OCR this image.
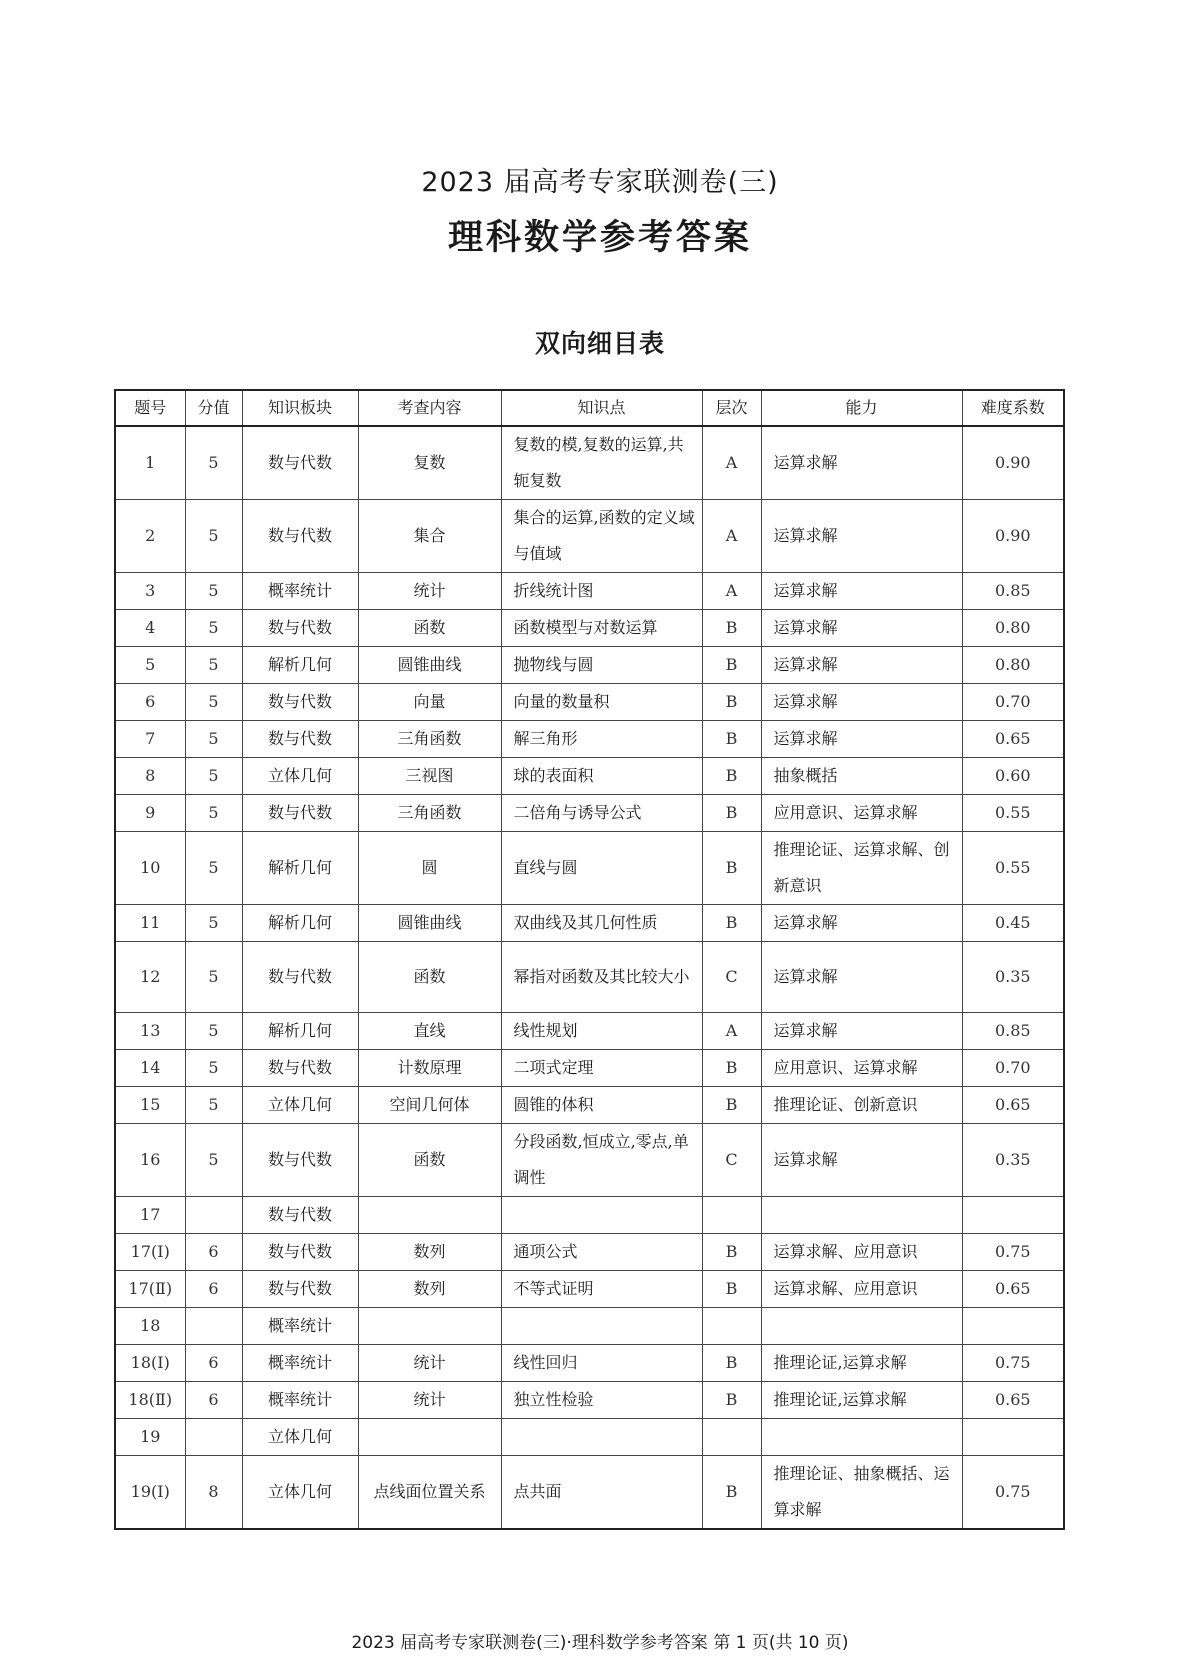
2023 届高考专家联测卷(三)
理科数学参考答案
双向细目表
题号	分值	知识板块	考查内容	知识点	层次	能力	难度系数
1	5	数与代数	复数	复数的模,复数的运算,共轭复数	A	运算求解	0.90
2	5	数与代数	集合	集合的运算,函数的定义域与值域	A	运算求解	0.90
3	5	概率统计	统计	折线统计图	A	运算求解	0.85
4	5	数与代数	函数	函数模型与对数运算	B	运算求解	0.80
5	5	解析几何	圆锥曲线	抛物线与圆	B	运算求解	0.80
6	5	数与代数	向量	向量的数量积	B	运算求解	0.70
7	5	数与代数	三角函数	解三角形	B	运算求解	0.65
8	5	立体几何	三视图	球的表面积	B	抽象概括	0.60
9	5	数与代数	三角函数	二倍角与诱导公式	B	应用意识、运算求解	0.55
10	5	解析几何	圆	直线与圆	B	推理论证、运算求解、创新意识	0.55
11	5	解析几何	圆锥曲线	双曲线及其几何性质	B	运算求解	0.45
12	5	数与代数	函数	幂指对函数及其比较大小	C	运算求解	0.35
13	5	解析几何	直线	线性规划	A	运算求解	0.85
14	5	数与代数	计数原理	二项式定理	B	应用意识、运算求解	0.70
15	5	立体几何	空间几何体	圆锥的体积	B	推理论证、创新意识	0.65
16	5	数与代数	函数	分段函数,恒成立,零点,单调性	C	运算求解	0.35
17		数与代数					
17(Ⅰ)	6	数与代数	数列	通项公式	B	运算求解、应用意识	0.75
17(Ⅱ)	6	数与代数	数列	不等式证明	B	运算求解、应用意识	0.65
18		概率统计					
18(Ⅰ)	6	概率统计	统计	线性回归	B	推理论证,运算求解	0.75
18(Ⅱ)	6	概率统计	统计	独立性检验	B	推理论证,运算求解	0.65
19		立体几何					
19(Ⅰ)	8	立体几何	点线面位置关系	点共面	B	推理论证、抽象概括、运算求解	0.75
2023 届高考专家联测卷(三)·理科数学参考答案 第 1 页(共 10 页)
